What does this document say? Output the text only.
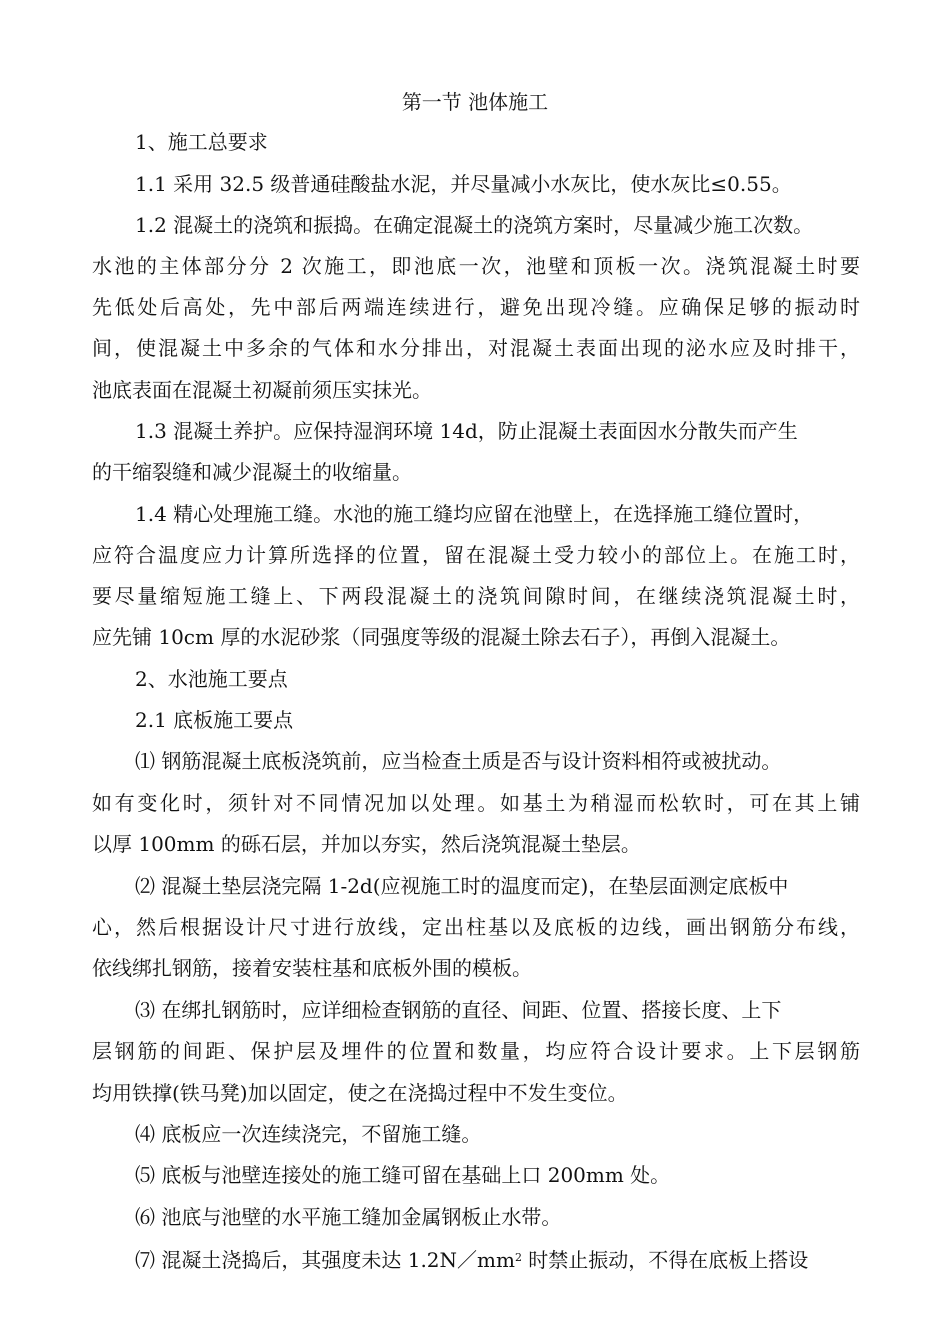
第一节 池体施工
1、施工总要求
1.1 采用 32.5 级普通硅酸盐水泥，并尽量减小水灰比，使水灰比≤0.55。
1.2 混凝土的浇筑和振捣。在确定混凝土的浇筑方案时，尽量减少施工次数。
水池的主体部分分 2 次施工，即池底一次，池壁和顶板一次。浇筑混凝土时要
先低处后高处，先中部后两端连续进行，避免出现冷缝。应确保足够的振动时
间，使混凝土中多余的气体和水分排出，对混凝土表面出现的泌水应及时排干，
池底表面在混凝土初凝前须压实抹光。
1.3 混凝土养护。应保持湿润环境 14d，防止混凝土表面因水分散失而产生
的干缩裂缝和减少混凝土的收缩量。
1.4 精心处理施工缝。水池的施工缝均应留在池壁上，在选择施工缝位置时，
应符合温度应力计算所选择的位置，留在混凝土受力较小的部位上。在施工时，
要尽量缩短施工缝上、下两段混凝土的浇筑间隙时间，在继续浇筑混凝土时，
应先铺 10cm 厚的水泥砂浆（同强度等级的混凝土除去石子），再倒入混凝土。
2、水池施工要点
2.1 底板施工要点
⑴ 钢筋混凝土底板浇筑前，应当检查土质是否与设计资料相符或被扰动。
如有变化时，须针对不同情况加以处理。如基土为稍湿而松软时，可在其上铺
以厚 100mm 的砾石层，并加以夯实，然后浇筑混凝土垫层。
⑵ 混凝土垫层浇完隔 1-2d(应视施工时的温度而定)，在垫层面测定底板中
心，然后根据设计尺寸进行放线，定出柱基以及底板的边线，画出钢筋分布线，
依线绑扎钢筋，接着安装柱基和底板外围的模板。
⑶ 在绑扎钢筋时，应详细检查钢筋的直径、间距、位置、搭接长度、上下
层钢筋的间距、保护层及埋件的位置和数量，均应符合设计要求。上下层钢筋
均用铁撑(铁马凳)加以固定，使之在浇捣过程中不发生变位。
⑷ 底板应一次连续浇完，不留施工缝。
⑸ 底板与池壁连接处的施工缝可留在基础上口 200mm 处。
⑹ 池底与池壁的水平施工缝加金属钢板止水带。
⑺ 混凝土浇捣后，其强度未达 $1.2N/mm^2$ 时禁止振动，不得在底板上搭设
